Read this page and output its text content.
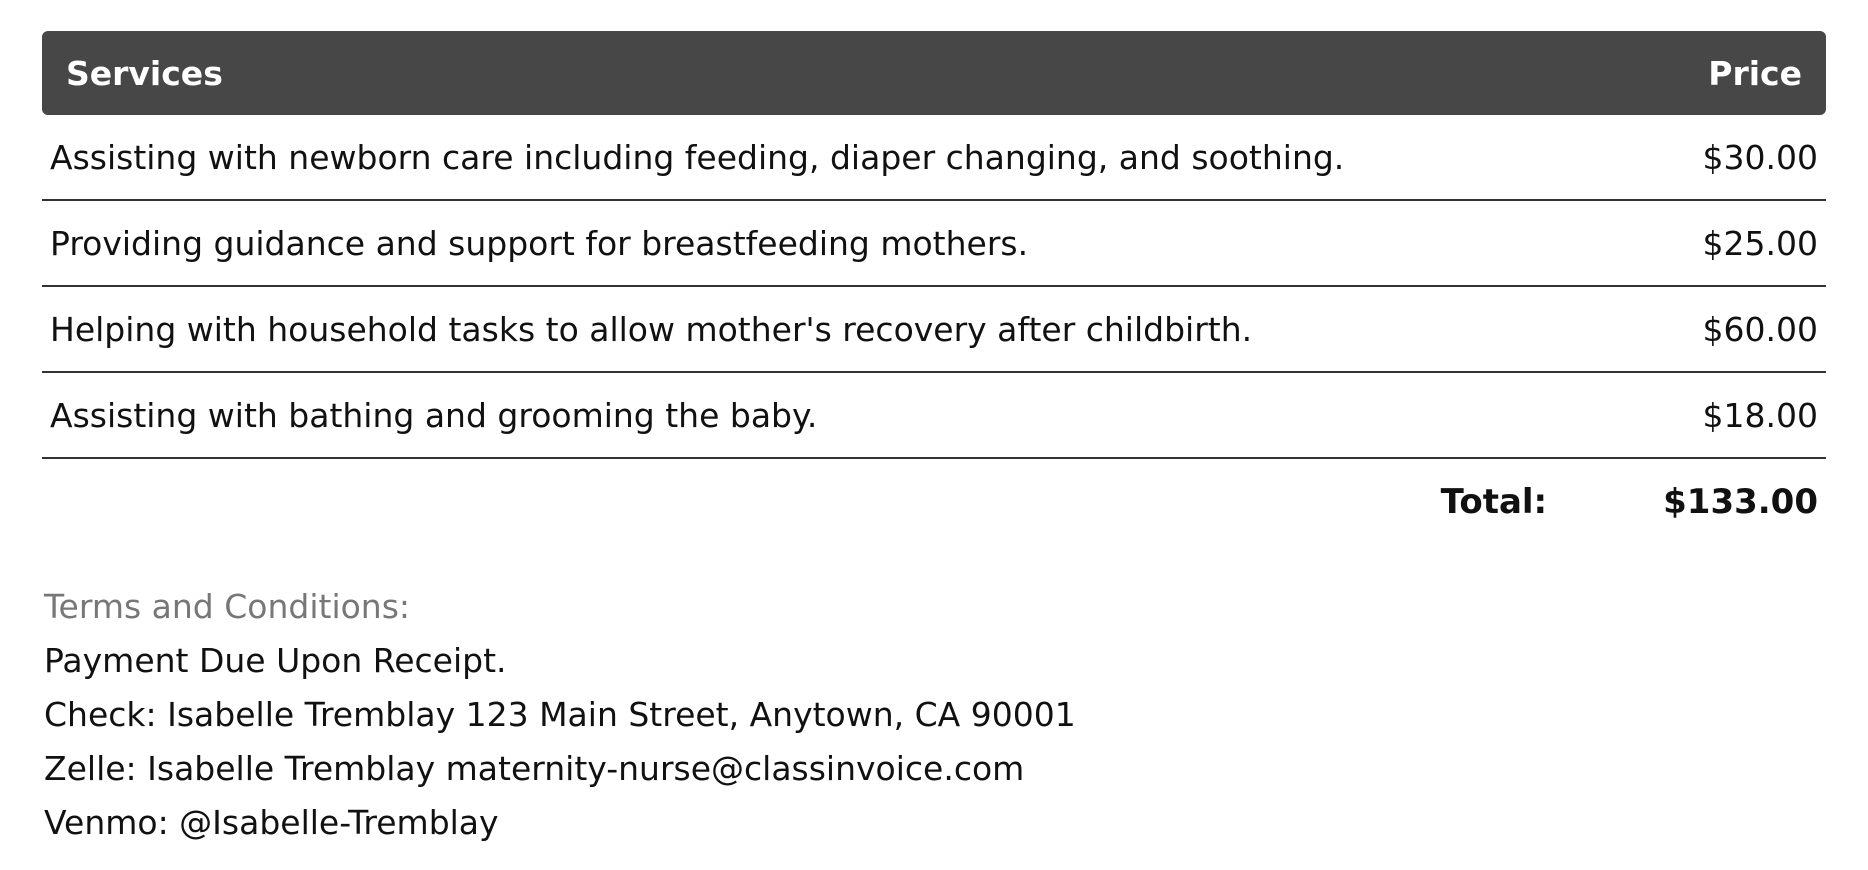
Services	Price
Assisting with newborn care including feeding, diaper changing, and soothing.	$30.00
Providing guidance and support for breastfeeding mothers.	$25.00
Helping with household tasks to allow mother's recovery after childbirth.	$60.00
Assisting with bathing and grooming the baby.	$18.00
Total:	$133.00
Terms and Conditions:
Payment Due Upon Receipt.
Check: Isabelle Tremblay 123 Main Street, Anytown, CA 90001
Zelle: Isabelle Tremblay maternity-nurse@classinvoice.com
Venmo: @Isabelle-Tremblay
